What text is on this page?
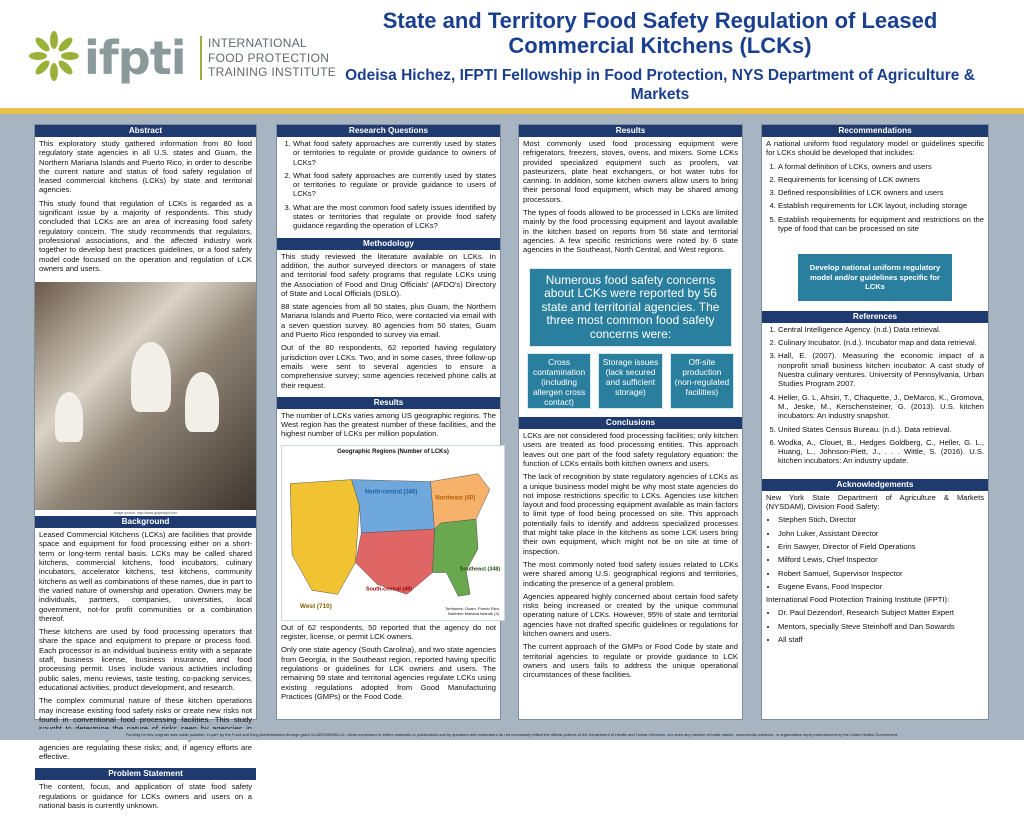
ifpti INTERNATIONAL
FOOD PROTECTION
TRAINING INSTITUTE
State and Territory Food Safety Regulation of Leased Commercial Kitchens (LCKs)
Odeisa Hichez, IFPTI Fellowship in Food Protection, NYS Department of Agriculture & Markets
Abstract

This exploratory study gathered information from 80 food regulatory state agencies in all U.S. states and Guam, the Northern Mariana Islands and Puerto Rico, in order to describe the current nature and status of food safety regulation of leased commercial kitchens (LCKs) by state and territorial agencies.

This study found that regulation of LCKs is regarded as a significant issue by a majority of respondents. This study concluded that LCKs are an area of increasing food safety regulatory concern. The study recommends that regulators, professional associations, and the affected industry work together to develop best practices guidelines, or a food safety model code focused on the operation and regulation of LCK owners and users.

Image source: http://www.girlymeglit.com
Background

Leased Commercial Kitchens (LCKs) are facilities that provide space and equipment for food processing either on a short-term or long-term rental basis. LCKs may be called shared kitchens, commercial kitchens, food incubators, culinary incubators, accelerator kitchens, test kitchens, community kitchens as well as combinations of these names, due in part to the varied nature of ownership and operation. Owners may be individuals, partners, companies, universities, local government, not-for profit communities or a combination thereof.

These kitchens are used by food processing operators that share the space and equipment to prepare or process food. Each processor is an individual business entity with a separate staff, business license, business insurance, and food processing permit. Uses include various activities including public sales, menu reviews, taste testing, co-packing services, educational activities, product development, and research.

The complex communal nature of these kitchen operations may increase existing food safety risks or create new risks not found in conventional food processing facilities. This study agencies are regulating these risks; and, if agency efforts are effective.

Problem Statement

The content, focus, and application of state food safety regulations or guidance for LCKs owners and users on a national basis is currently unknown.

Research Questions
1. What food safety approaches are currently used by states or territories to regulate or provide guidance to owners of LCKs?
2. What food safety approaches are currently used by states or territories to regulate or provide guidance to users of LCKs?
3. What are the most common food safety issues identified by states or territories that regulate or provide food safety guidance regarding the operation of LCKs?
Methodology

This study reviewed the literature available on LCKs. In addition, the author surveyed directors or managers of state and territorial food safety programs that regulate LCKs using the Association of Food and Drug Officials' (AFDO's) Directory of State and Local Officials (DSLO).

88 state agencies from all 50 states, plus Guam, the Northern Mariana Islands and Puerto Rico, were contacted via email with a seven question survey. 80 agencies from 50 states, Guam and Puerto Rico responded to survey via email.

Out of the 80 respondents, 62 reported having regulatory jurisdiction over LCKs. Two, and in some cases, three follow-up emails were sent to several agencies to ensure a comprehensive survey; some agencies received phone calls at their request.

Results

The number of LCKs varies among US geographic regions. The West region has the greatest number of these facilities, and the highest number of LCKs per million population.

Geographic Regions (Number of LCKs)
North-central (346)
Northeast (60)
Southeast (348)
South-central (49)
West (710)	Territories: Guam, Puerto Rico, Northern Mariana Islands (3).

Out of 62 respondents, 50 reported that the agency do not register, license, or permit LCK owners.

Only one state agency (South Carolina), and two state agencies from Georgia, in the Southeast region, reported having specific regulations or guidelines for LCK owners and users. The remaining 59 state and territorial agencies regulate LCKs using existing regulations adopted from Good Manufacturing Practices (GMPs) or the Food Code.

Results

Most commonly used food processing equipment were refrigerators, freezers, stoves, ovens, and mixers. Some LCKs provided specialized equipment such as proofers, vat pasteurizers, plate heat exchangers, or hot water tubs for canning. In addition, some kitchen owners allow users to bring their personal food equipment, which may be shared among processors.

The types of foods allowed to be processed in LCKs are limited mainly by the food processing equipment and layout available in the kitchen based on reports from 56 state and territorial agencies. A few specific restrictions were noted by 6 state agencies in the Southeast, North Central, and West regions.

Numerous food safety concerns about LCKs were reported by 56 state and territorial agencies. The three most common food safety concerns were:
Cross contamination (including allergen cross contact)
Storage issues (lack secured and sufficient storage)
Off-site production (non-regulated facilities)
Conclusions

LCKs are not considered food processing facilities; only kitchen users are treated as food processing entities. This approach leaves out one part of the food safety regulatory equation: the function of LCKs entails both kitchen owners and users.

The lack of recognition by state regulatory agencies of LCKs as a unique business model might be why most state agencies do not impose restrictions specific to LCKs. Agencies use kitchen layout and food processing equipment available as main factors to limit type of food being processed on site. This approach potentially fails to identify and address specialized processes that might take place in the kitchens as some LCK users bring their own equipment, which might not be on site at time of inspection.

The most commonly noted food safety issues related to LCKs were shared among U.S. geographical regions and territories, indicating the presence of a general problem.

Agencies appeared highly concerned about certain food safety risks being increased or created by the unique communal operating nature of LCKs. However, 95% of state and territorial agencies have not drafted specific guidelines or regulations for kitchen owners and users.

The current approach of the GMPs or Food Code by state and territorial agencies to regulate or provide guidance to LCK owners and users fails to address the unique operational circumstances of these facilities.

Recommendations

A national uniform food regulatory model or guidelines specific for LCKs should be developed that includes:

1. A formal definition of LCKs, owners and users
2. Requirements for licensing of LCK owners
3. Defined responsibilities of LCK owners and users
4. Establish requirements for LCK layout, including storage
5. Establish requirements for equipment and restrictions on the type of food that can be processed on site
Develop national uniform regulatory model and/or guidelines specific for LCKs
References
1. Central Intelligence Agency. (n.d.) Data retrieval.
2. Culinary Incubator. (n.d.). Incubator map and data retrieval.
3. Hall, E. (2007). Measuring the economic impact of a nonprofit small business kitchen incubator: A cast study of Nuestra culinary ventures. University of Pennsylvania, Urban Studies Program 2007.
4. Heller, G. L, Ahsin, T., Chaquette, J., DeMarco, K., Gromova, M., Jeske, M., Kerschensteiner, G. (2013). U.S. kitchen incubators: An industry snapshot.
5. United States Census Bureau. (n.d.). Data retrieval.
6. Wodka, A., Clouet, B., Hedges Goldberg, C., Heller, G. L., Huang, L., Johnson-Piett, J., . . . Wittle, S. (2016). U.S. kitchen incubators: An industry update.
Acknowledgements

New York State Department of Agriculture & Markets (NYSDAM), Division Food Safety:

• Stephen Stich, Director
• John Luker, Assistant Director
• Erin Sawyer, Director of Field Operations
• Milford Lewis, Chief Inspector
• Robert Samuel, Supervisor Inspector
• Eugene Evans, Food Inspector

International Food Protection Training Institute (IFPTI):

• Dr. Paul Dezendorf, Research Subject Matter Expert
• Mentors, specially Steve Steinhoff and Dan Sowards
• All staff
Funding for this program was made possible, in part, by the Food and Drug Administration through grant 1U18FD005964-01; views expressed in written materials or publications and by speakers and moderators do not necessarily reflect the official policies of the Department of Health and Human Services; nor does any mention of trade names, commercial practices, or organization imply endorsement by the United States Government.
